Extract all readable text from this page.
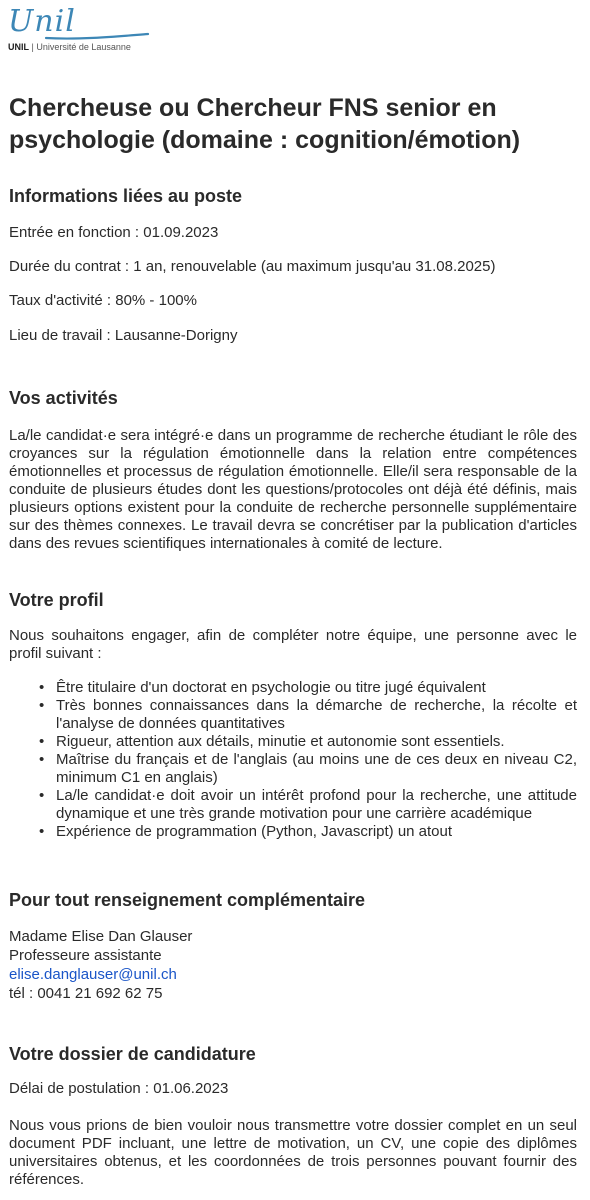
Unil
UNIL | Université de Lausanne
Chercheuse ou Chercheur FNS senior en psychologie (domaine : cognition/émotion)
Informations liées au poste

Entrée en fonction : 01.09.2023

Durée du contrat : 1 an, renouvelable (au maximum jusqu'au 31.08.2025)

Taux d'activité : 80% - 100%

Lieu de travail : Lausanne-Dorigny

Vos activités

La/le candidat·e sera intégré·e dans un programme de recherche étudiant le rôle des croyances sur la régulation émotionnelle dans la relation entre compétences émotionnelles et processus de régulation émotionnelle. Elle/il sera responsable de la conduite de plusieurs études dont les questions/protocoles ont déjà été définis, mais plusieurs options existent pour la conduite de recherche personnelle supplémentaire sur des thèmes connexes. Le travail devra se concrétiser par la publication d'articles dans des revues scientifiques internationales à comité de lecture.

Votre profil

Nous souhaitons engager, afin de compléter notre équipe, une personne avec le profil suivant :

• Être titulaire d'un doctorat en psychologie ou titre jugé équivalent
• Très bonnes connaissances dans la démarche de recherche, la récolte et l'analyse de données quantitatives
• Rigueur, attention aux détails, minutie et autonomie sont essentiels.
• Maîtrise du français et de l'anglais (au moins une de ces deux en niveau C2, minimum C1 en anglais)
• La/le candidat·e doit avoir un intérêt profond pour la recherche, une attitude dynamique et une très grande motivation pour une carrière académique
• Expérience de programmation (Python, Javascript) un atout
Pour tout renseignement complémentaire
Madame Elise Dan Glauser
Professeure assistante
elise.danglauser@unil.ch
tél : 0041 21 692 62 75
Votre dossier de candidature

Délai de postulation : 01.06.2023

Nous vous prions de bien vouloir nous transmettre votre dossier complet en un seul document PDF incluant, une lettre de motivation, un CV, une copie des diplômes universitaires obtenus, et les coordonnées de trois personnes pouvant fournir des références.
